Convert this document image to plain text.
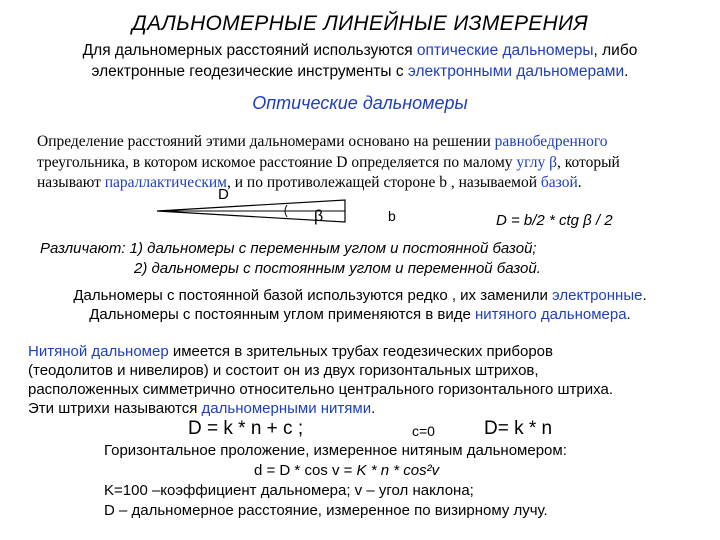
ДАЛЬНОМЕРНЫЕ ЛИНЕЙНЫЕ ИЗМЕРЕНИЯ
Для дальномерных расстояний используются оптические дальномеры, либо
электронные геодезические инструменты с электронными дальномерами.
Оптические дальномеры
Определение расстояний этими дальномерами основано на решении равнобедренного
треугольника, в котором искомое расстояние D определяется по малому углу β, который
называют параллактическим, и по противолежащей стороне b , называемой базой.
D
β	b	D = b/2 * ctg β / 2
Различают: 1) дальномеры с переменным углом и постоянной базой;
2) дальномеры с постоянным углом и переменной базой.
Дальномеры с постоянной базой используются редко , их заменили электронные.
Дальномеры с постоянным углом применяются в виде нитяного дальномера.
Нитяной дальномер имеется в зрительных трубах геодезических приборов
(теодолитов и нивелиров) и состоит он из двух горизонтальных штрихов,
расположенных симметрично относительно центрального горизонтального штриха.
Эти штрихи называются дальномерными нитями.
D = k * n + c ;	c=0	D= k * n
Горизонтальное проложение, измеренное нитяным дальномером:
d = D * cos v = K * n * cos²v
K=100 –коэффициент дальномера; v – угол наклона;
D – дальномерное расстояние, измеренное по визирному лучу.
